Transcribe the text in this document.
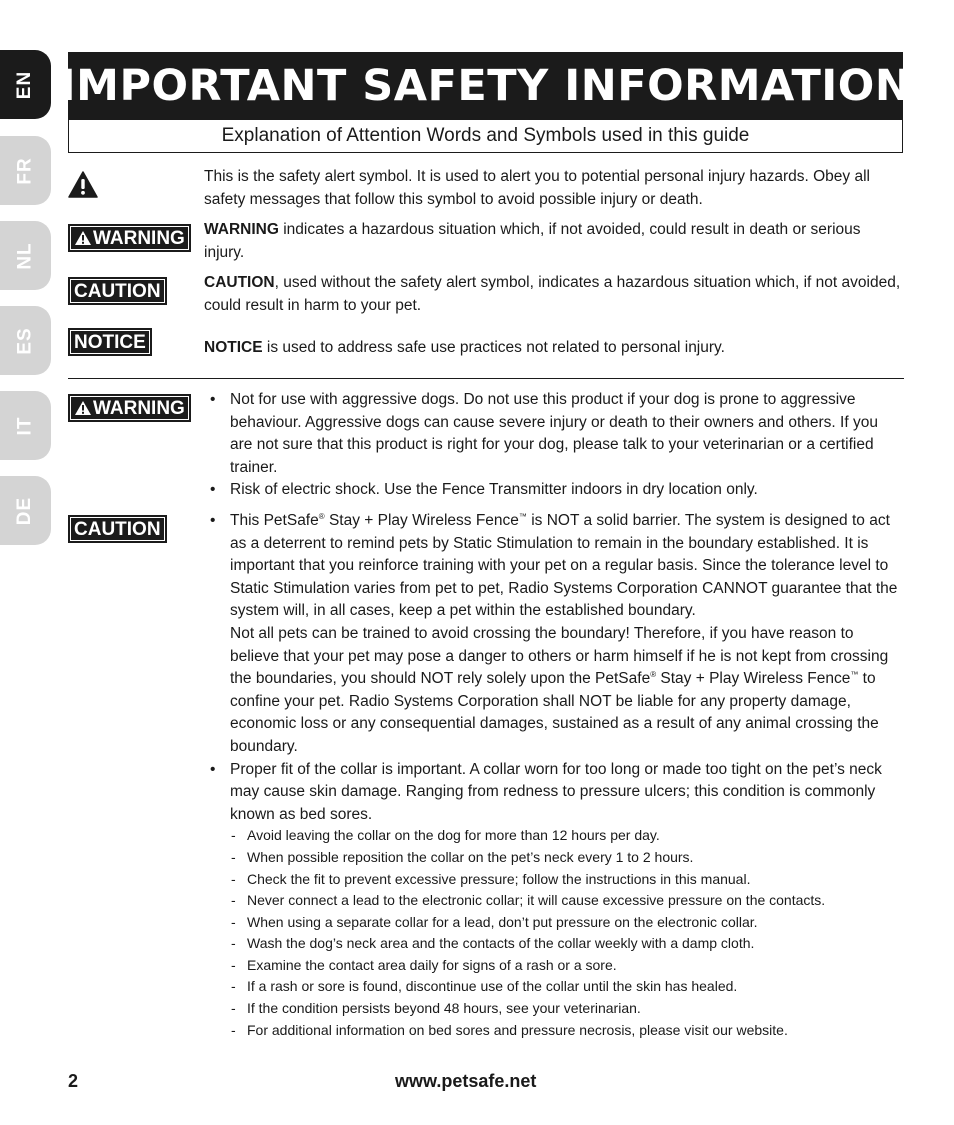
EN
FR
NL
ES
IT
DE
IMPORTANT SAFETY INFORMATION
Explanation of Attention Words and Symbols used in this guide
This is the safety alert symbol. It is used to alert you to potential personal injury hazards. Obey all safety messages that follow this symbol to avoid possible injury or death.
WARNING WARNING indicates a hazardous situation which, if not avoided, could result in death or serious injury.
CAUTION	CAUTION, used without the safety alert symbol, indicates a hazardous situation which, if not avoided, could result in harm to your pet.
NOTICE	NOTICE is used to address safe use practices not related to personal injury.
WARNING	• Not for use with aggressive dogs. Do not use this product if your dog is prone to aggressive behaviour. Aggressive dogs can cause severe injury or death to their owners and others. If you are not sure that this product is right for your dog, please talk to your veterinarian or a certified trainer.
• Risk of electric shock. Use the Fence Transmitter indoors in dry location only.
CAUTION	• This PetSafe® Stay + Play Wireless Fence™ is NOT a solid barrier. The system is designed to act as a deterrent to remind pets by Static Stimulation to remain in the boundary established. It is important that you reinforce training with your pet on a regular basis. Since the tolerance level to Static Stimulation varies from pet to pet, Radio Systems Corporation CANNOT guarantee that the system will, in all cases, keep a pet within the established boundary.

Not all pets can be trained to avoid crossing the boundary! Therefore, if you have reason to believe that your pet may pose a danger to others or harm himself if he is not kept from crossing the boundaries, you should NOT rely solely upon the PetSafe® Stay + Play Wireless Fence™ to confine your pet. Radio Systems Corporation shall NOT be liable for any property damage, economic loss or any consequential damages, sustained as a result of any animal crossing the boundary.

• Proper fit of the collar is important. A collar worn for too long or made too tight on the pet’s neck may cause skin damage. Ranging from redness to pressure ulcers; this condition is commonly known as bed sores.
- Avoid leaving the collar on the dog for more than 12 hours per day.
- When possible reposition the collar on the pet’s neck every 1 to 2 hours.
- Check the fit to prevent excessive pressure; follow the instructions in this manual.
- Never connect a lead to the electronic collar; it will cause excessive pressure on the contacts.
- When using a separate collar for a lead, don’t put pressure on the electronic collar.
- Wash the dog’s neck area and the contacts of the collar weekly with a damp cloth.
- Examine the contact area daily for signs of a rash or a sore.
- If a rash or sore is found, discontinue use of the collar until the skin has healed.
- If the condition persists beyond 48 hours, see your veterinarian.
- For additional information on bed sores and pressure necrosis, please visit our website.
2	www.petsafe.net
